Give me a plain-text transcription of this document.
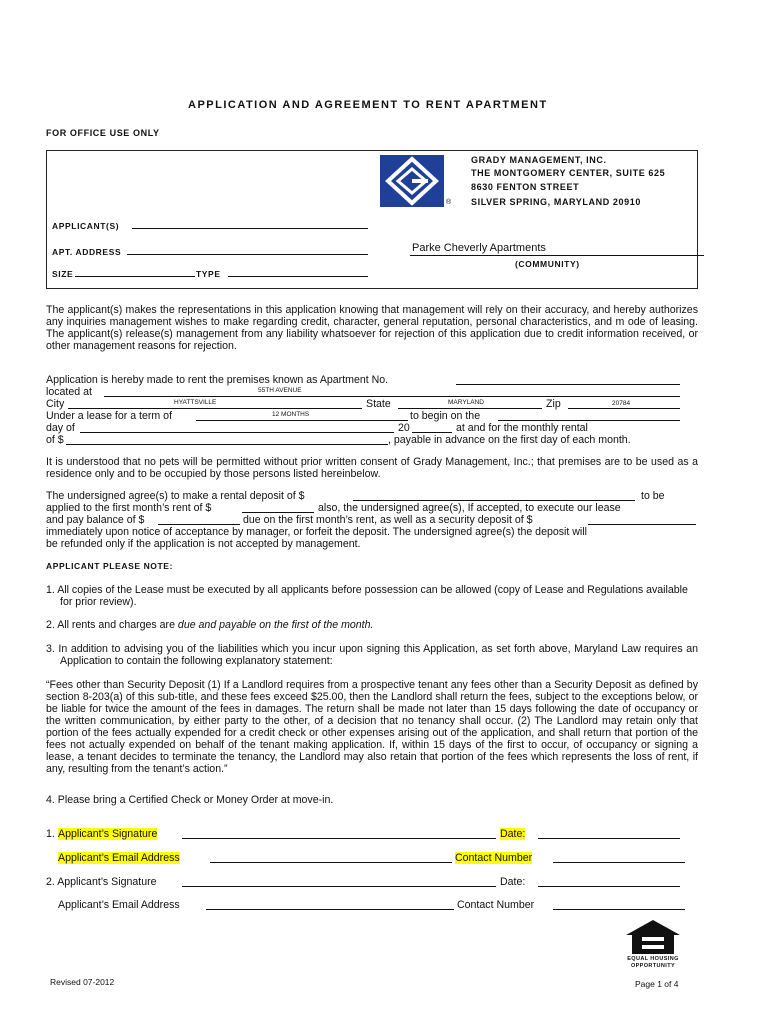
APPLICATION AND AGREEMENT TO RENT APARTMENT
FOR OFFICE USE ONLY
®
GRADY MANAGEMENT, INC.
THE MONTGOMERY CENTER, SUITE 625
8630 FENTON STREET
SILVER SPRING, MARYLAND 20910
APPLICANT(S)
APT. ADDRESS	Parke Cheverly Apartments
(COMMUNITY)
SIZE	TYPE
The applicant(s) makes the representations in this application knowing that management will rely on their accuracy, and hereby authorizes any inquiries management wishes to make regarding credit, character, general reputation, personal characteristics, and m ode of leasing. The applicant(s) release(s) management from any liability whatsoever for rejection of this application due to credit information received, or other management reasons for rejection.
Application is hereby made to rent the premises known as Apartment No.
located at	55TH AVENUE
City	HYATTSVILLE	State	MARYLAND	Zip	20784
Under a lease for a term of	12 MONTHS	to begin on the
day of	20	at and for the monthly rental
of $	, payable in advance on the first day of each month.
It is understood that no pets will be permitted without prior written consent of Grady Management, Inc.; that premises are to be used as a residence only and to be occupied by those persons listed hereinbelow.
The undersigned agree(s) to make a rental deposit of $	to be
applied to the first month’s rent of $	also, the undersigned agree(s), If accepted, to execute our lease
and pay balance of $	due on the first month’s rent, as well as a security deposit of $
immediately upon notice of acceptance by manager, or forfeit the deposit. The undersigned agree(s) the deposit will
be refunded only if the application is not accepted by management.
APPLICANT PLEASE NOTE:
1. All copies of the Lease must be executed by all applicants before possession can be allowed (copy of Lease and Regulations available for prior review).
2. All rents and charges are due and payable on the first of the month.
3. In addition to advising you of the liabilities which you incur upon signing this Application, as set forth above, Maryland Law requires an Application to contain the following explanatory statement:
“Fees other than Security Deposit (1) If a Landlord requires from a prospective tenant any fees other than a Security Deposit as defined by section 8-203(a) of this sub-title, and these fees exceed $25.00, then the Landlord shall return the fees, subject to the exceptions below, or be liable for twice the amount of the fees in damages. The return shall be made not later than 15 days following the date of occupancy or the written communication, by either party to the other, of a decision that no tenancy shall occur. (2) The Landlord may retain only that portion of the fees actually expended for a credit check or other expenses arising out of the application, and shall return that portion of the fees not actually expended on behalf of the tenant making application. If, within 15 days of the first to occur, of occupancy or signing a lease, a tenant decides to terminate the tenancy, the Landlord may also retain that portion of the fees which represents the loss of rent, if any, resulting from the tenant’s action.”
4. Please bring a Certified Check or Money Order at move-in.
1. Applicant’s Signature	Date:
Applicant’s Email Address	Contact Number
2. Applicant’s Signature	Date:
Applicant’s Email Address	Contact Number
EQUAL HOUSING
OPPORTUNITY
Revised 07-2012	Page 1 of 4
